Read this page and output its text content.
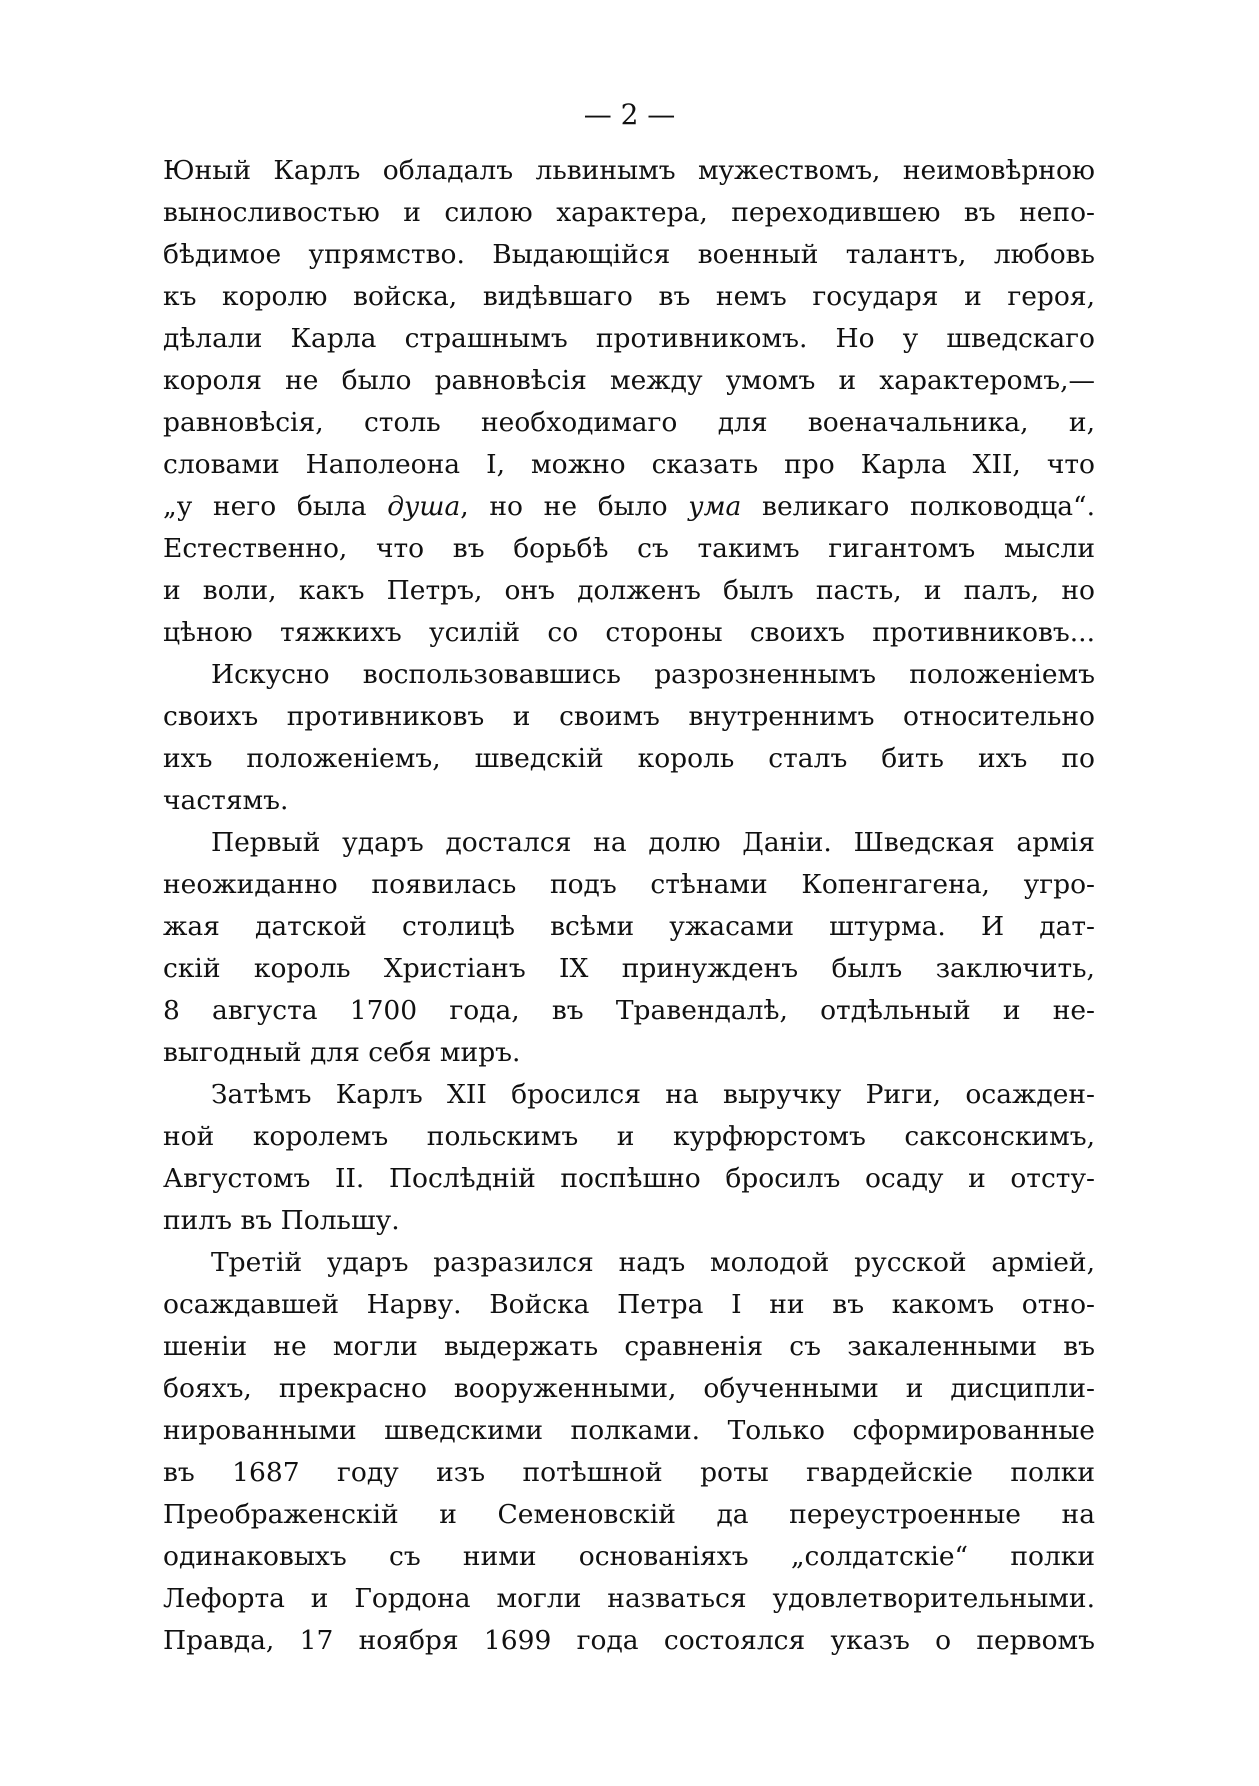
— 2 —
Юный Карлъ обладалъ львинымъ мужествомъ, неимовѣрною
выносливостью и силою характера, переходившею въ непо-
бѣдимое упрямство. Выдающійся военный талантъ, любовь
къ королю войска, видѣвшаго въ немъ государя и героя,
дѣлали Карла страшнымъ противникомъ. Но у шведскаго
короля не было равновѣсія между умомъ и характеромъ,—
равновѣсія, столь необходимаго для военачальника, и,
словами Наполеона I, можно сказать про Карла XII, что
„у него была душа, но не было ума великаго полководца“.
Естественно, что въ борьбѣ съ такимъ гигантомъ мысли
и воли, какъ Петръ, онъ долженъ былъ пасть, и палъ, но
цѣною тяжкихъ усилій со стороны своихъ противниковъ...
Искусно воспользовавшись разрозненнымъ положеніемъ
своихъ противниковъ и своимъ внутреннимъ относительно
ихъ положеніемъ, шведскій король сталъ бить ихъ по
частямъ.
Первый ударъ достался на долю Даніи. Шведская армія
неожиданно появилась подъ стѣнами Копенгагена, угро-
жая датской столицѣ всѣми ужасами штурма. И дат-
скій король Христіанъ IX принужденъ былъ заключить,
8 августа 1700 года, въ Травендалѣ, отдѣльный и не-
выгодный для себя миръ.
Затѣмъ Карлъ XII бросился на выручку Риги, осажден-
ной королемъ польскимъ и курфюрстомъ саксонскимъ,
Августомъ II. Послѣдній поспѣшно бросилъ осаду и отсту-
пилъ въ Польшу.
Третій ударъ разразился надъ молодой русской арміей,
осаждавшей Нарву. Войска Петра I ни въ какомъ отно-
шеніи не могли выдержать сравненія съ закаленными въ
бояхъ, прекрасно вооруженными, обученными и дисципли-
нированными шведскими полками. Только сформированные
въ 1687 году изъ потѣшной роты гвардейскіе полки
Преображенскій и Семеновскій да переустроенные на
одинаковыхъ съ ними основаніяхъ „солдатскіе“ полки
Лефорта и Гордона могли назваться удовлетворительными.
Правда, 17 ноября 1699 года состоялся указъ о первомъ
